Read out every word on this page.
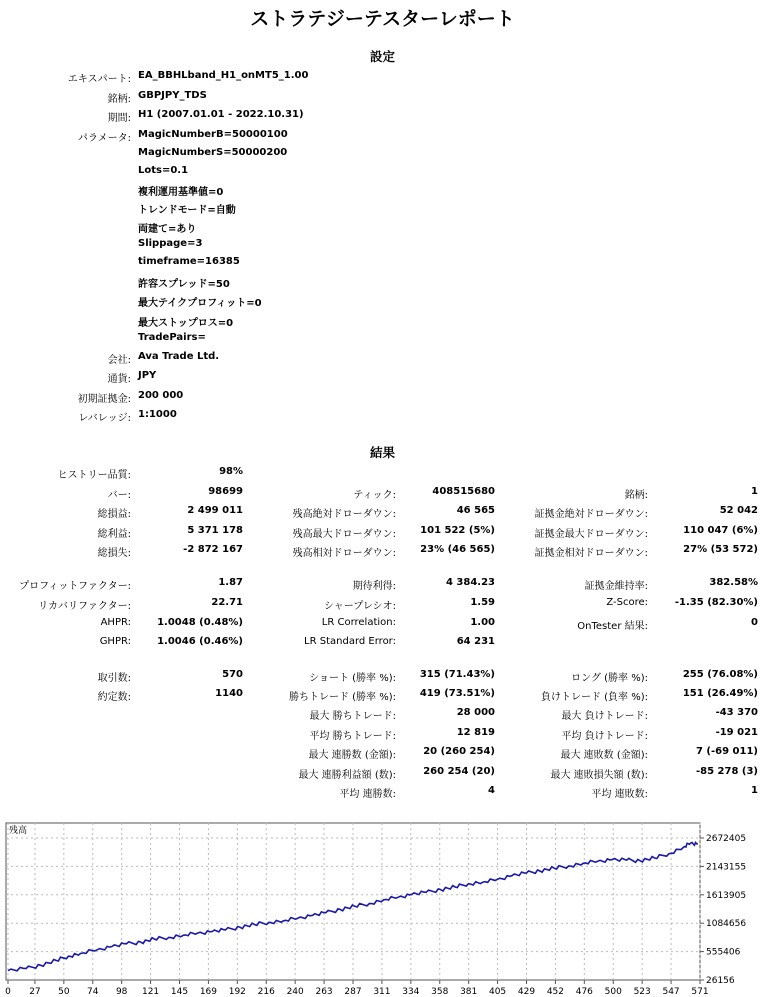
ストラテジーテスターレポート
設定
エキスパート: EA_BBHLband_H1_onMT5_1.00
銘柄: GBPJPY_TDS
期間: H1 (2007.01.01 - 2022.10.31)
パラメータ: MagicNumberB=50000100
MagicNumberS=50000200
Lots=0.1
複利運用基準値=0
トレンドモード=自動
両建て=あり
Slippage=3
timeframe=16385
許容スプレッド=50
最大テイクプロフィット=0
最大ストップロス=0
TradePairs=
会社: Ava Trade Ltd.
通貨: JPY
初期証拠金: 200 000
レバレッジ: 1:1000
結果
ヒストリー品質:	98%
バー:	98699	ティック:	408515680	銘柄:	1
総損益:	2 499 011	残高絶対ドローダウン:	46 565	証拠金絶対ドローダウン:	52 042
総利益:	5 371 178	残高最大ドローダウン: 101 522 (5%)	証拠金最大ドローダウン:	110 047 (6%)
総損失:	-2 872 167	残高相対ドローダウン: 23% (46 565)	証拠金相対ドローダウン:	27% (53 572)
プロフィットファクター:	1.87	期待利得:	4 384.23	証拠金維持率:	382.58%
リカバリファクター:	22.71	シャープレシオ:	1.59	Z-Score:	-1.35 (82.30%)
AHPR:	1.0048 (0.48%)	LR Correlation:	1.00	OnTester 結果:	0
GHPR:	1.0046 (0.46%)	LR Standard Error:	64 231
取引数:	570	ショート (勝率 %): 315 (71.43%)	ロング (勝率 %):	255 (76.08%)
約定数:	1140	勝ちトレード (勝率 %): 419 (73.51%)	負けトレード (負率 %):	151 (26.49%)
最大 勝ちトレード:	28 000	最大 負けトレード:	-43 370
平均 勝ちトレード:	12 819	平均 負けトレード:	-19 021
最大 連勝数 (金額):	20 (260 254)	最大 連敗数 (金額):	7 (-69 011)
最大 連勝利益額 (数):	260 254 (20)	最大 連敗損失額 (数):	-85 278 (3)
平均 連勝数:	4	平均 連敗数:	1
0 27 50 74 98 121 145 169 192 216 240 263 287 311 334 358 381 405 429 452 476 500 523 547 571
2672405
2143155
1613905
1084656
555406
26156
残高
